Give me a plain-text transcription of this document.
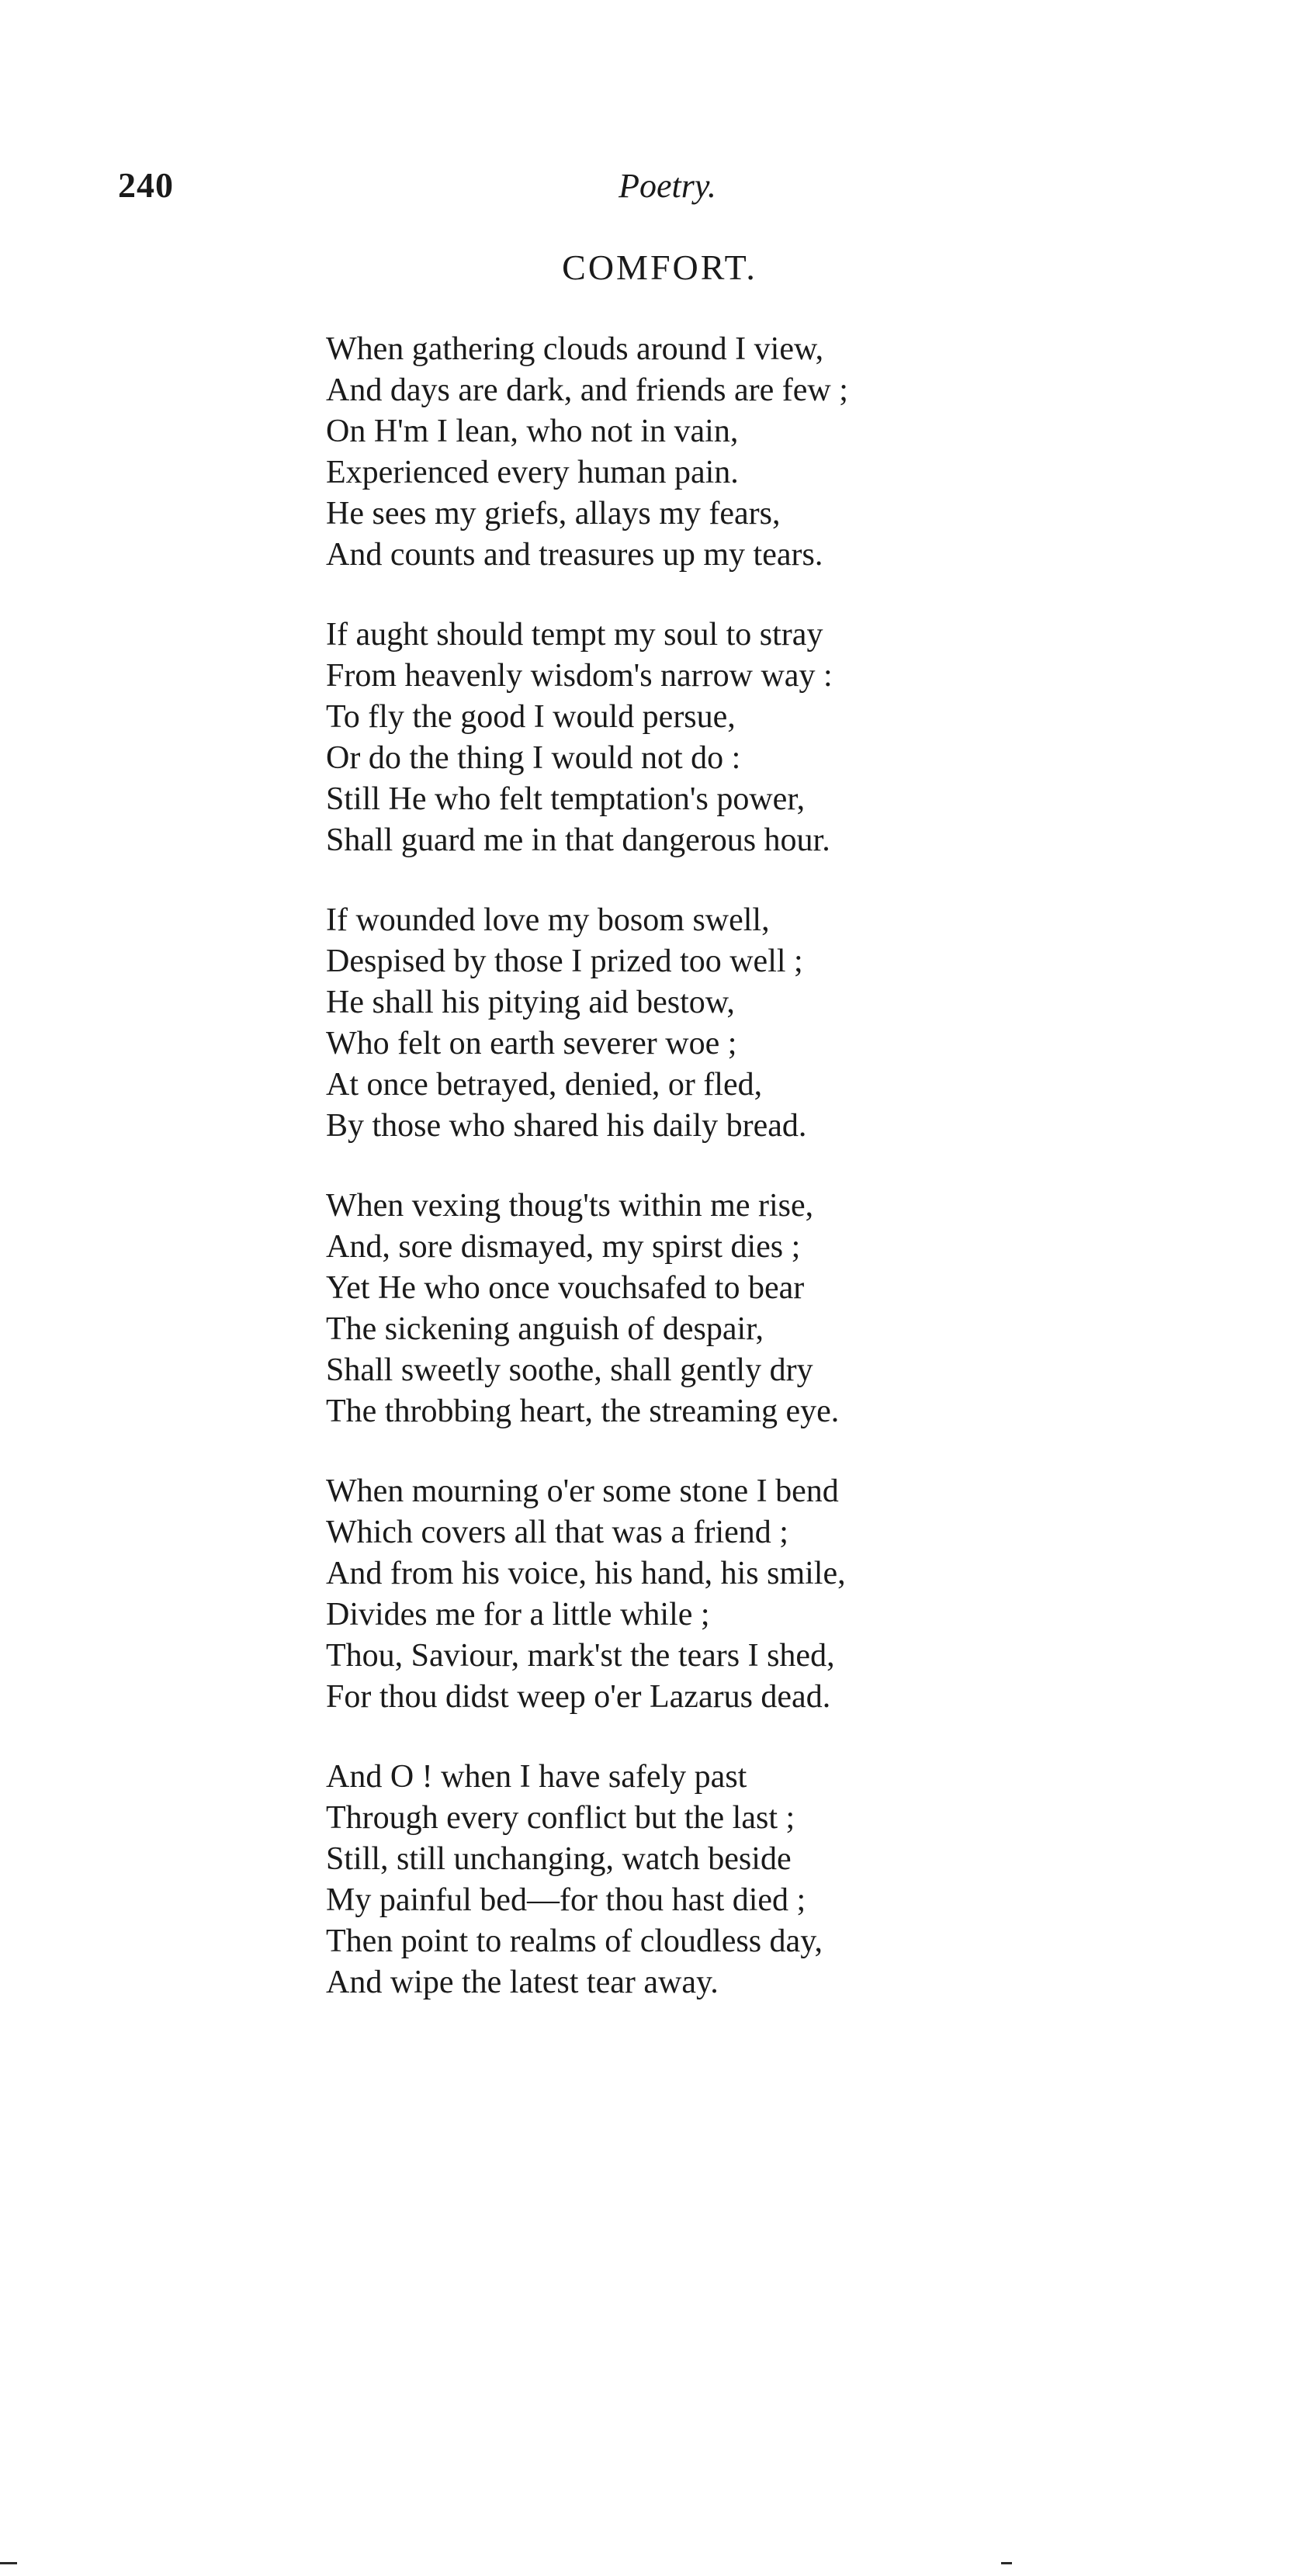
240	Poetry.
COMFORT.
When gathering clouds around I view,
And days are dark, and friends are few ;
On H'm I lean, who not in vain,
Experienced every human pain.
He sees my griefs, allays my fears,
And counts and treasures up my tears.
If aught should tempt my soul to stray
From heavenly wisdom's narrow way :
To fly the good I would persue,
Or do the thing I would not do :
Still He who felt temptation's power,
Shall guard me in that dangerous hour.
If wounded love my bosom swell,
Despised by those I prized too well ;
He shall his pitying aid bestow,
Who felt on earth severer woe ;
At once betrayed, denied, or fled,
By those who shared his daily bread.
When vexing thoug'ts within me rise,
And, sore dismayed, my spirst dies ;
Yet He who once vouchsafed to bear
The sickening anguish of despair,
Shall sweetly soothe, shall gently dry
The throbbing heart, the streaming eye.
When mourning o'er some stone I bend
Which covers all that was a friend ;
And from his voice, his hand, his smile,
Divides me for a little while ;
Thou, Saviour, mark'st the tears I shed,
For thou didst weep o'er Lazarus dead.
And O ! when I have safely past
Through every conflict but the last ;
Still, still unchanging, watch beside
My painful bed—for thou hast died ;
Then point to realms of cloudless day,
And wipe the latest tear away.
